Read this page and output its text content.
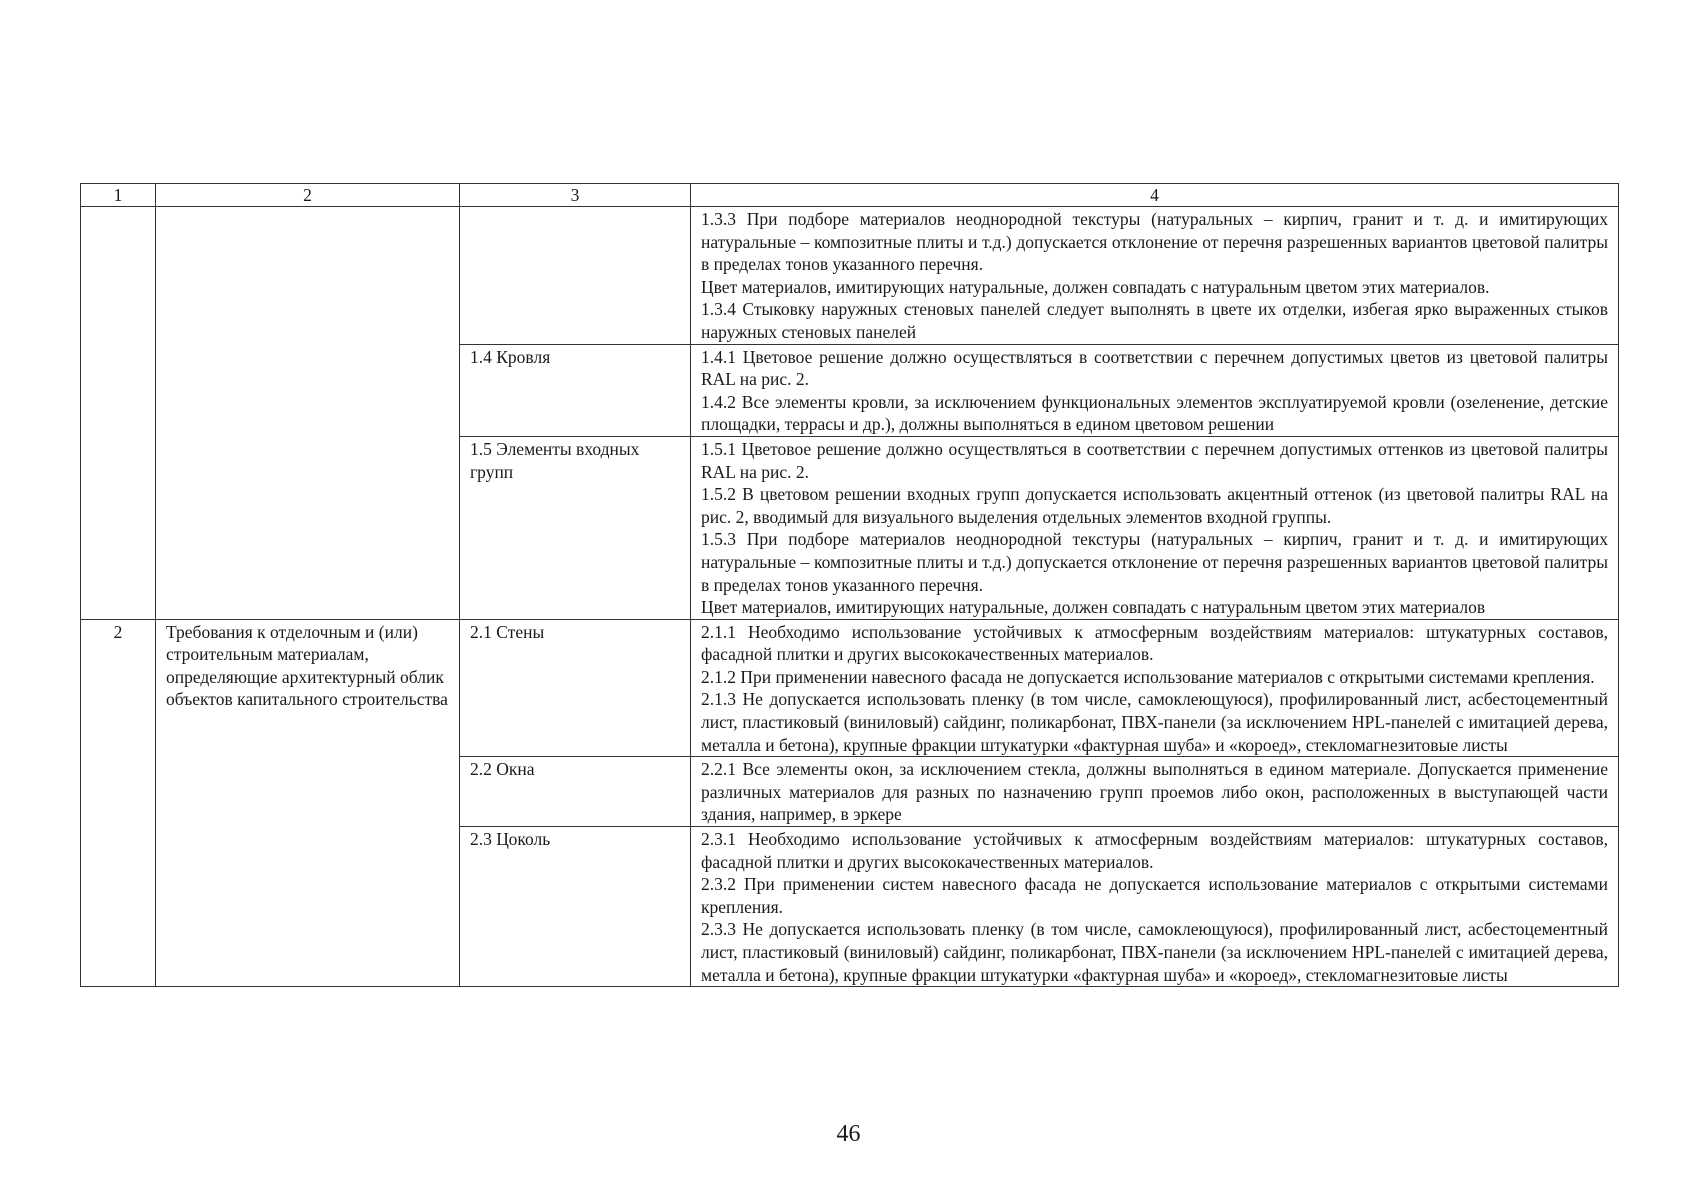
1	2	3	4

			1.3.3 При подборе материалов неоднородной текстуры (натуральных – кирпич, гранит и т. д. и имитирующих натуральные – композитные плиты и т.д.) допускается отклонение от перечня разрешенных вариантов цветовой палитры в пределах тонов указанного перечня.

Цвет материалов, имитирующих натуральные, должен совпадать с натуральным цветом этих материалов.

1.3.4 Стыковку наружных стеновых панелей следует выполнять в цвете их отделки, избегая ярко выраженных стыков наружных стеновых панелей

		1.4 Кровля	1.4.1 Цветовое решение должно осуществляться в соответствии с перечнем допустимых цветов из цветовой палитры RAL на рис. 2.

1.4.2 Все элементы кровли, за исключением функциональных элементов эксплуатируемой кровли (озеленение, детские площадки, террасы и др.), должны выполняться в едином цветовом решении

		1.5 Элементы входных групп	1.5.1 Цветовое решение должно осуществляться в соответствии с перечнем допустимых оттенков из цветовой палитры RAL на рис. 2.

1.5.2 В цветовом решении входных групп допускается использовать акцентный оттенок (из цветовой палитры RAL на рис. 2, вводимый для визуального выделения отдельных элементов входной группы.

1.5.3 При подборе материалов неоднородной текстуры (натуральных – кирпич, гранит и т. д. и имитирующих натуральные – композитные плиты и т.д.) допускается отклонение от перечня разрешенных вариантов цветовой палитры в пределах тонов указанного перечня.

Цвет материалов, имитирующих натуральные, должен совпадать с натуральным цветом этих материалов

2	Требования к отделочным и (или) строительным материалам, определяющие архитектурный облик объектов капитального строительства	2.1 Стены	2.1.1 Необходимо использование устойчивых к атмосферным воздействиям материалов: штукатурных составов, фасадной плитки и других высококачественных материалов.

2.1.2 При применении навесного фасада не допускается использование материалов с открытыми системами крепления.

2.1.3 Не допускается использовать пленку (в том числе, самоклеющуюся), профилированный лист, асбестоцементный лист, пластиковый (виниловый) сайдинг, поликарбонат, ПВХ-панели (за исключением HPL-панелей с имитацией дерева, металла и бетона), крупные фракции штукатурки «фактурная шуба» и «короед», стекломагнезитовые листы

		2.2 Окна	2.2.1 Все элементы окон, за исключением стекла, должны выполняться в едином материале. Допускается применение различных материалов для разных по назначению групп проемов либо окон, расположенных в выступающей части здания, например, в эркере

		2.3 Цоколь	2.3.1 Необходимо использование устойчивых к атмосферным воздействиям материалов: штукатурных составов, фасадной плитки и других высококачественных материалов.

2.3.2 При применении систем навесного фасада не допускается использование материалов с открытыми системами крепления.

2.3.3 Не допускается использовать пленку (в том числе, самоклеющуюся), профилированный лист, асбестоцементный лист, пластиковый (виниловый) сайдинг, поликарбонат, ПВХ-панели (за исключением HPL-панелей с имитацией дерева, металла и бетона), крупные фракции штукатурки «фактурная шуба» и «короед», стекломагнезитовые листы

46
